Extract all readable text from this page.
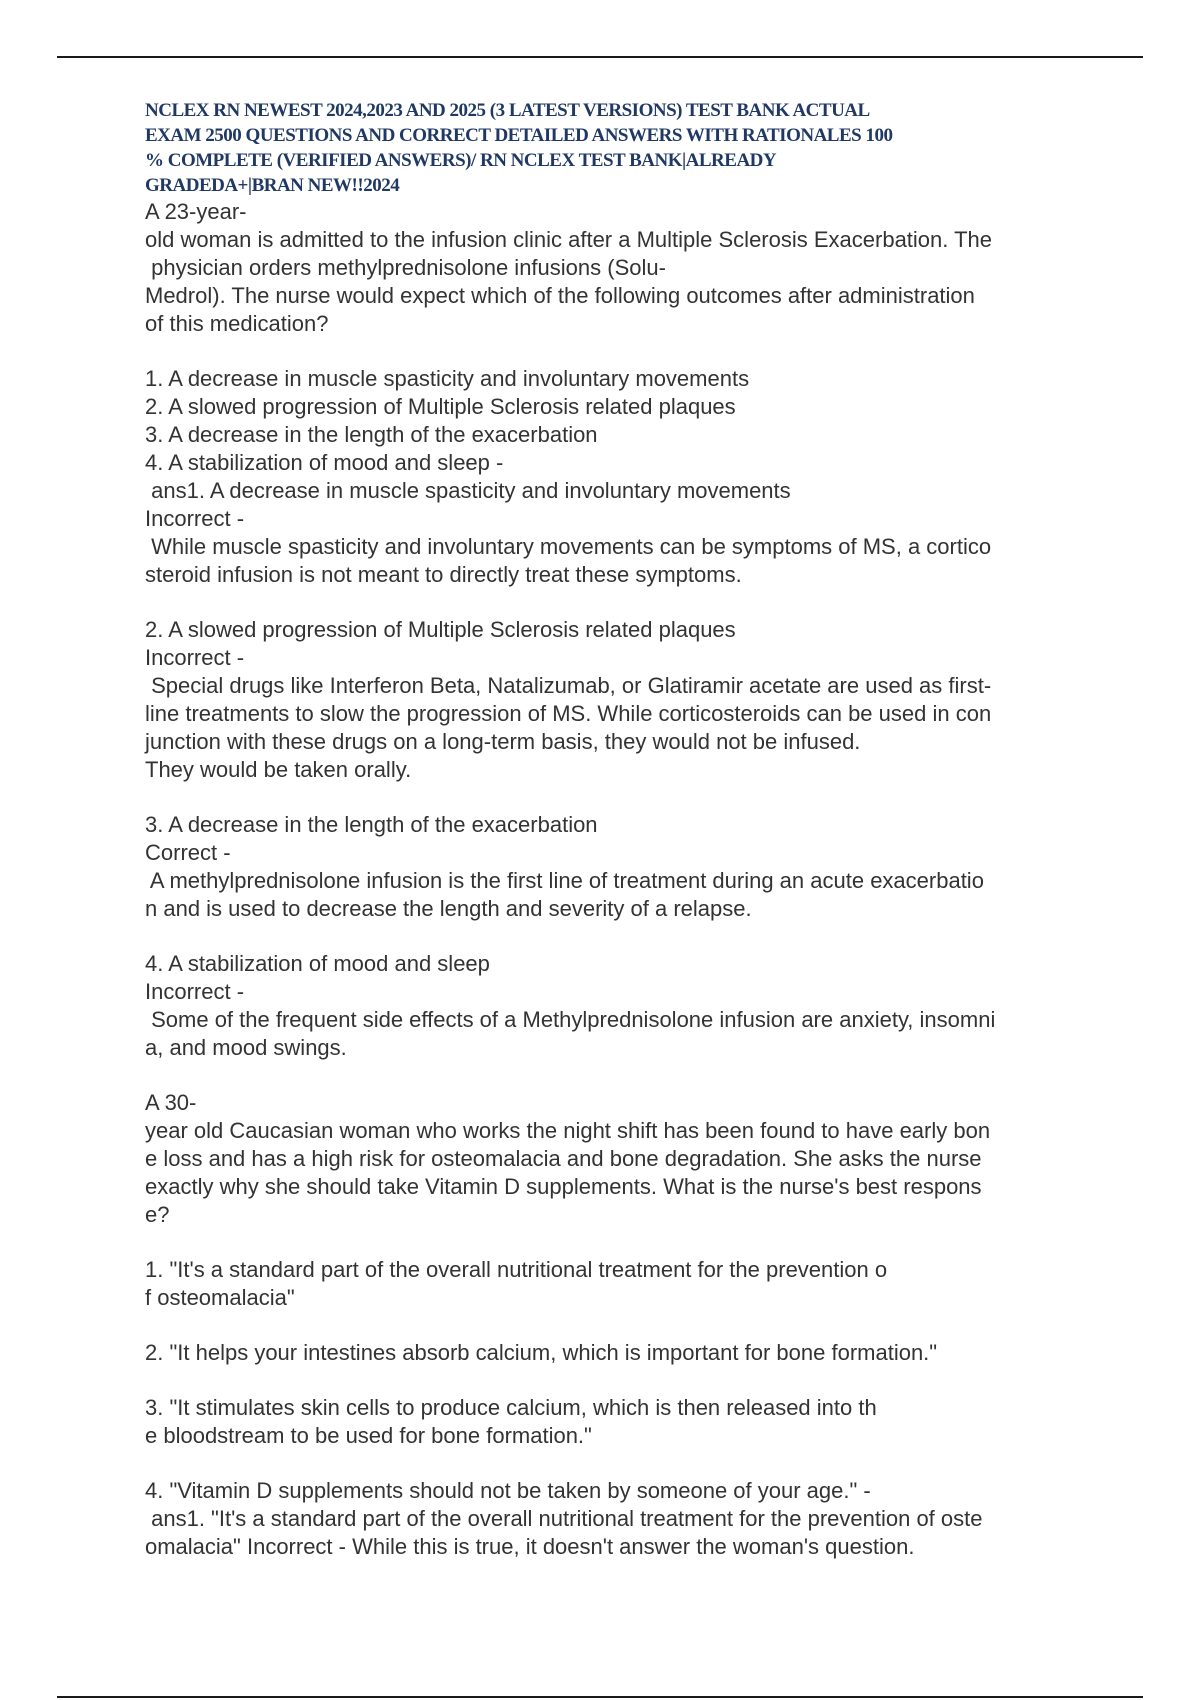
NCLEX RN NEWEST 2024,2023 AND 2025 (3 LATEST VERSIONS) TEST BANK ACTUAL

EXAM 2500 QUESTIONS AND CORRECT DETAILED ANSWERS WITH RATIONALES 100

% COMPLETE (VERIFIED ANSWERS)/ RN NCLEX TEST BANK|ALREADY

GRADEDA+|BRAN NEW!!2024

A 23-year-

old woman is admitted to the infusion clinic after a Multiple Sclerosis Exacerbation. The

physician orders methylprednisolone infusions (Solu-

Medrol). The nurse would expect which of the following outcomes after administration

of this medication?

1. A decrease in muscle spasticity and involuntary movements

2. A slowed progression of Multiple Sclerosis related plaques

3. A decrease in the length of the exacerbation

4. A stabilization of mood and sleep -

ans1. A decrease in muscle spasticity and involuntary movements

Incorrect -

While muscle spasticity and involuntary movements can be symptoms of MS, a cortico

steroid infusion is not meant to directly treat these symptoms.

2. A slowed progression of Multiple Sclerosis related plaques

Incorrect -

Special drugs like Interferon Beta, Natalizumab, or Glatiramir acetate are used as first-

line treatments to slow the progression of MS. While corticosteroids can be used in con

junction with these drugs on a long-term basis, they would not be infused.

They would be taken orally.

3. A decrease in the length of the exacerbation

Correct -

A methylprednisolone infusion is the first line of treatment during an acute exacerbatio

n and is used to decrease the length and severity of a relapse.

4. A stabilization of mood and sleep

Incorrect -

Some of the frequent side effects of a Methylprednisolone infusion are anxiety, insomni

a, and mood swings.

A 30-

year old Caucasian woman who works the night shift has been found to have early bon

e loss and has a high risk for osteomalacia and bone degradation. She asks the nurse

exactly why she should take Vitamin D supplements. What is the nurse's best respons

e?

1. "It's a standard part of the overall nutritional treatment for the prevention o

f osteomalacia"

2. "It helps your intestines absorb calcium, which is important for bone formation."

3. "It stimulates skin cells to produce calcium, which is then released into th

e bloodstream to be used for bone formation."

4. "Vitamin D supplements should not be taken by someone of your age." -

ans1. "It's a standard part of the overall nutritional treatment for the prevention of oste

omalacia" Incorrect - While this is true, it doesn't answer the woman's question.
